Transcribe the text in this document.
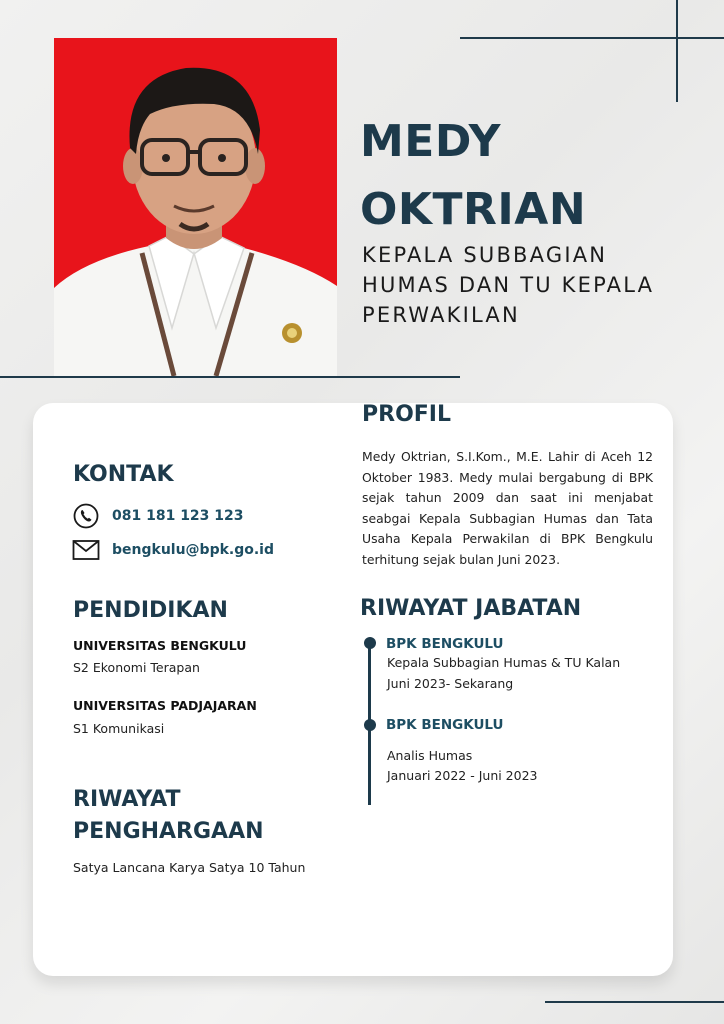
MEDY
OKTRIAN
KEPALA SUBBAGIAN
HUMAS DAN TU KEPALA
PERWAKILAN
PROFIL
Medy Oktrian, S.I.Kom., M.E. Lahir di Aceh 12 Oktober 1983. Medy mulai bergabung di BPK sejak tahun 2009 dan saat ini menjabat seabgai Kepala Subbagian Humas dan Tata Usaha Kepala Perwakilan di BPK Bengkulu terhitung sejak bulan Juni 2023.
KONTAK
081 181 123 123
bengkulu@bpk.go.id
PENDIDIKAN
UNIVERSITAS BENGKULU
S2 Ekonomi Terapan
UNIVERSITAS PADJAJARAN
S1 Komunikasi
RIWAYAT
PENGHARGAAN
Satya Lancana Karya Satya 10 Tahun
RIWAYAT JABATAN
BPK BENGKULU
Kepala Subbagian Humas & TU Kalan
Juni 2023- Sekarang
BPK BENGKULU
Analis Humas
Januari 2022 - Juni 2023
